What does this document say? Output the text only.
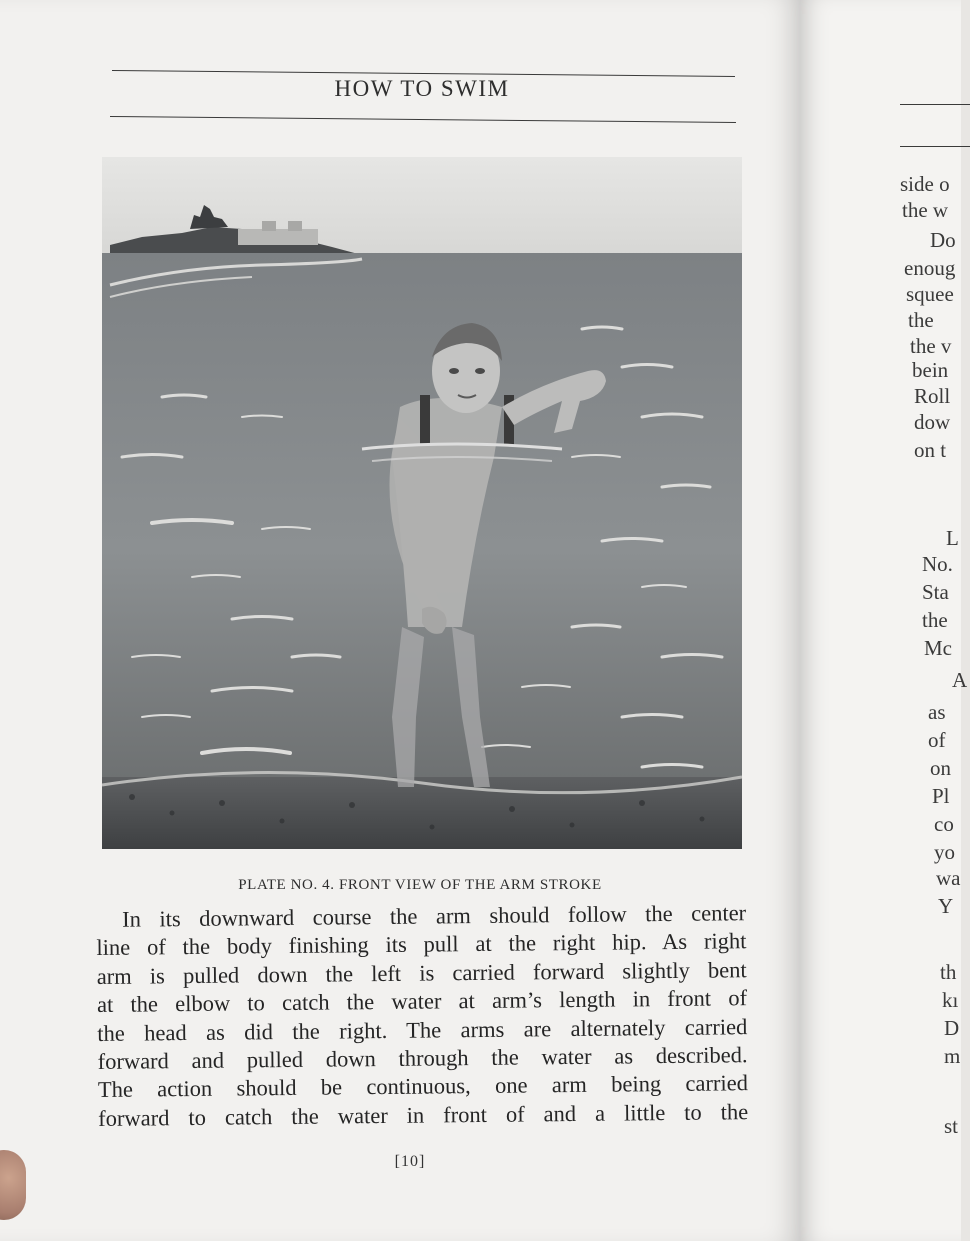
HOW TO SWIM
PLATE NO. 4. FRONT VIEW OF THE ARM STROKE
In its downward course the arm should follow the center
line of the body finishing its pull at the right hip. As right
arm is pulled down the left is carried forward slightly bent
at the elbow to catch the water at arm’s length in front of
the head as did the right. The arms are alternately carried
forward and pulled down through the water as described.
The action should be continuous, one arm being carried
forward to catch the water in front of and a little to the
[10]
side o
the w
Do
enoug
squee
the
the v
bein
Roll
dow
on t
L
No.
Sta
the
Mc
A
as
of
on
Pl
co
yo
wa
Y
th
kı
D
m
st
